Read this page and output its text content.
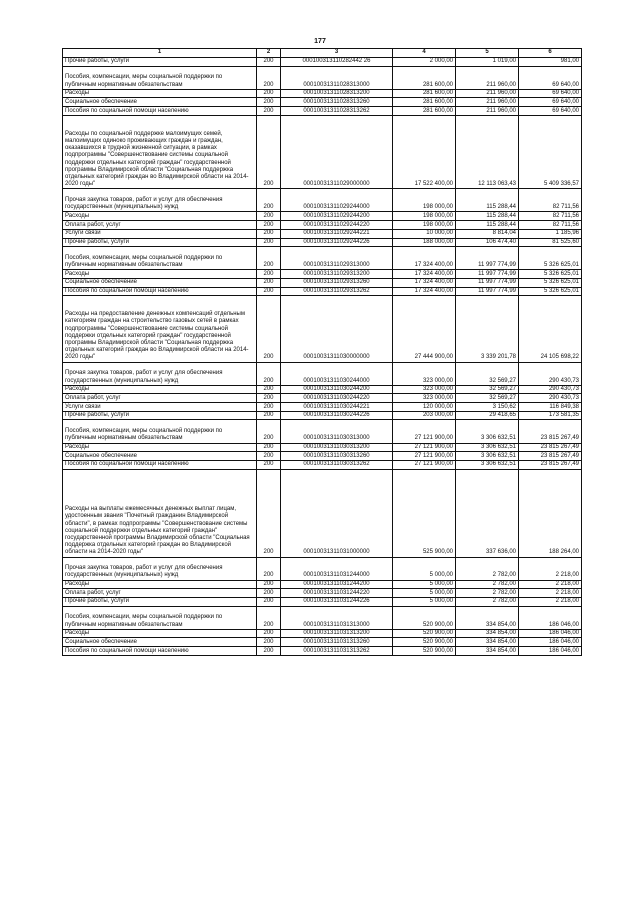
177
1	2	3	4	5	6
Прочие работы, услуги	200	000100313110282442 26	2 000,00	1 019,00	981,00
Пособия, компенсации, меры социальной поддержки по публичным нормативным обязательствам	200	00010031311028313000	281 600,00	211 960,00	69 640,00
Расходы	200	00010031311028313200	281 600,00	211 960,00	69 640,00
Социальное обеспечение	200	00010031311028313260	281 600,00	211 960,00	69 640,00
Пособия по социальной помощи населению	200	00010031311028313262	281 600,00	211 960,00	69 640,00
Расходы по социальной поддержке малоимущих семей, малоимущих одиноко проживающих граждан и граждан, оказавшихся в трудной жизненной ситуации, в рамках подпрограммы "Совершенствование системы социальной поддержки отдельных категорий граждан" государственной программы Владимирской области "Социальная поддержка отдельных категорий граждан во Владимирской области на 2014-2020 годы"	200	00010031311029000000	17 522 400,00	12 113 063,43	5 409 336,57
Прочая закупка товаров, работ и услуг для обеспечения государственных (муниципальных) нужд	200	00010031311029244000	198 000,00	115 288,44	82 711,56
Расходы	200	00010031311029244200	198 000,00	115 288,44	82 711,56
Оплата работ, услуг	200	00010031311029244220	198 000,00	115 288,44	82 711,56
Услуги связи	200	00010031311029244221	10 000,00	8 814,04	1 185,96
Прочие работы, услуги	200	00010031311029244226	188 000,00	106 474,40	81 525,60
Пособия, компенсации, меры социальной поддержки по публичным нормативным обязательствам	200	00010031311029313000	17 324 400,00	11 997 774,99	5 326 625,01
Расходы	200	00010031311029313200	17 324 400,00	11 997 774,99	5 326 625,01
Социальное обеспечение	200	00010031311029313260	17 324 400,00	11 997 774,99	5 326 625,01
Пособия по социальной помощи населению	200	00010031311029313262	17 324 400,00	11 997 774,99	5 326 625,01
Расходы на предоставление денежных компенсаций отдельным категориям граждан на строительство газовых сетей в рамках подпрограммы "Совершенствование системы социальной поддержки отдельных категорий граждан" государственной программы Владимирской области "Социальная поддержка отдельных категорий граждан во Владимирской области на 2014-2020 годы"	200	00010031311030000000	27 444 900,00	3 339 201,78	24 105 698,22
Прочая закупка товаров, работ и услуг для обеспечения государственных (муниципальных) нужд	200	00010031311030244000	323 000,00	32 569,27	290 430,73
Расходы	200	00010031311030244200	323 000,00	32 569,27	290 430,73
Оплата работ, услуг	200	00010031311030244220	323 000,00	32 569,27	290 430,73
Услуги связи	200	00010031311030244221	120 000,00	3 150,62	116 849,38
Прочие работы, услуги	200	00010031311030244226	203 000,00	29 418,65	173 581,35
Пособия, компенсации, меры социальной поддержки по публичным нормативным обязательствам	200	00010031311030313000	27 121 900,00	3 306 632,51	23 815 267,49
Расходы	200	00010031311030313200	27 121 900,00	3 306 632,51	23 815 267,49
Социальное обеспечение	200	00010031311030313260	27 121 900,00	3 306 632,51	23 815 267,49
Пособия по социальной помощи населению	200	00010031311030313262	27 121 900,00	3 306 632,51	23 815 267,49
Расходы на выплаты ежемесячных денежных выплат лицам, удостоенным звания "Почетный гражданин Владимирской области", в рамках подпрограммы "Совершенствование системы социальной поддержки отдельных категорий граждан" государственной программы Владимирской области "Социальная поддержка отдельных категорий граждан во Владимирской области на 2014-2020 годы"	200	00010031311031000000	525 900,00	337 636,00	188 264,00
Прочая закупка товаров, работ и услуг для обеспечения государственных (муниципальных) нужд	200	00010031311031244000	5 000,00	2 782,00	2 218,00
Расходы	200	00010031311031244200	5 000,00	2 782,00	2 218,00
Оплата работ, услуг	200	00010031311031244220	5 000,00	2 782,00	2 218,00
Прочие работы, услуги	200	00010031311031244226	5 000,00	2 782,00	2 218,00
Пособия, компенсации, меры социальной поддержки по публичным нормативным обязательствам	200	00010031311031313000	520 900,00	334 854,00	186 046,00
Расходы	200	00010031311031313200	520 900,00	334 854,00	186 046,00
Социальное обеспечение	200	00010031311031313260	520 900,00	334 854,00	186 046,00
Пособия по социальной помощи населению	200	00010031311031313262	520 900,00	334 854,00	186 046,00
